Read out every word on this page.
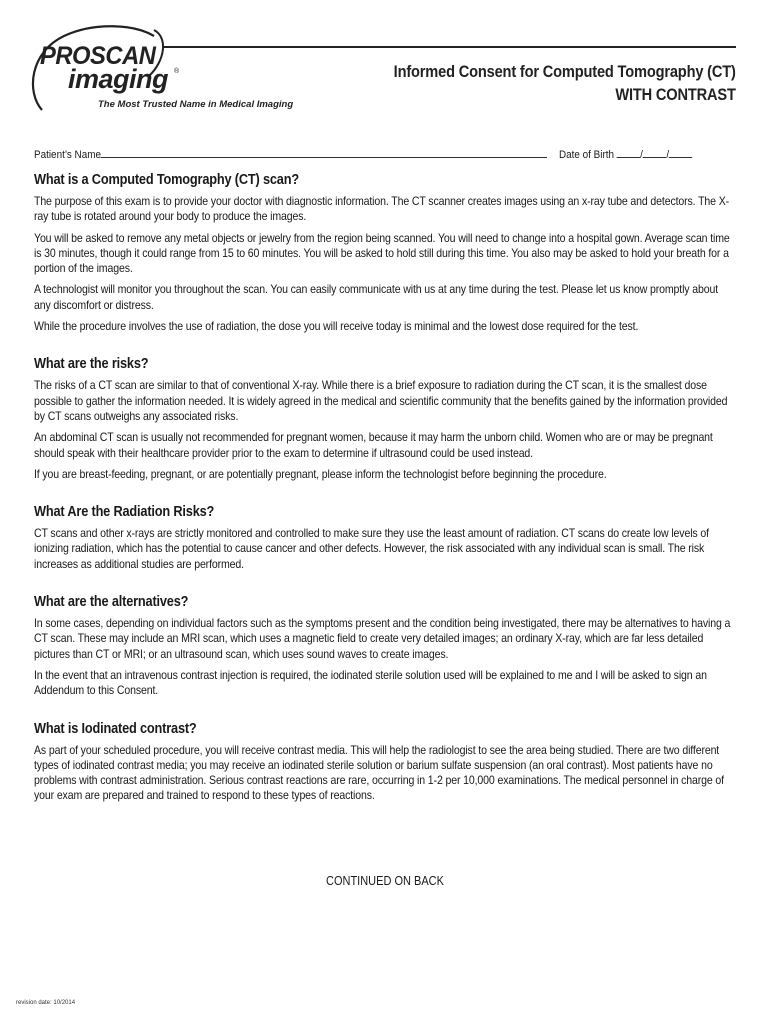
PROSCAN
imaging ®
The Most Trusted Name in Medical Imaging
Informed Consent for Computed Tomography (CT)
WITH CONTRAST
Patient’s Name	Date of Birth / /
What is a Computed Tomography (CT) scan?

The purpose of this exam is to provide your doctor with diagnostic information. The CT scanner creates images using an x-ray tube and detectors. The X-ray tube is rotated around your body to produce the images.

You will be asked to remove any metal objects or jewelry from the region being scanned. You will need to change into a hospital gown. Average scan time is 30 minutes, though it could range from 15 to 60 minutes. You will be asked to hold still during this time. You also may be asked to hold your breath for a portion of the images.

A technologist will monitor you throughout the scan. You can easily communicate with us at any time during the test. Please let us know promptly about any discomfort or distress.

While the procedure involves the use of radiation, the dose you will receive today is minimal and the lowest dose required for the test.

What are the risks?

The risks of a CT scan are similar to that of conventional X-ray. While there is a brief exposure to radiation during the CT scan, it is the smallest dose possible to gather the information needed. It is widely agreed in the medical and scientific community that the benefits gained by the information provided by CT scans outweighs any associated risks.

An abdominal CT scan is usually not recommended for pregnant women, because it may harm the unborn child. Women who are or may be pregnant should speak with their healthcare provider prior to the exam to determine if ultrasound could be used instead.

If you are breast-feeding, pregnant, or are potentially pregnant, please inform the technologist before beginning the procedure.

What Are the Radiation Risks?

CT scans and other x-rays are strictly monitored and controlled to make sure they use the least amount of radiation. CT scans do create low levels of ionizing radiation, which has the potential to cause cancer and other defects. However, the risk associated with any individual scan is small. The risk increases as additional studies are performed.

What are the alternatives?

In some cases, depending on individual factors such as the symptoms present and the condition being investigated, there may be alternatives to having a CT scan. These may include an MRI scan, which uses a magnetic field to create very detailed images; an ordinary X-ray, which are far less detailed pictures than CT or MRI; or an ultrasound scan, which uses sound waves to create images.

In the event that an intravenous contrast injection is required, the iodinated sterile solution used will be explained to me and I will be asked to sign an Addendum to this Consent.

What is Iodinated contrast?

As part of your scheduled procedure, you will receive contrast media. This will help the radiologist to see the area being studied. There are two different types of iodinated contrast media; you may receive an iodinated sterile solution or barium sulfate suspension (an oral contrast). Most patients have no problems with contrast administration. Serious contrast reactions are rare, occurring in 1-2 per 10,000 examinations. The medical personnel in charge of your exam are prepared and trained to respond to these types of reactions.

CONTINUED ON BACK
revision date: 10/2014
